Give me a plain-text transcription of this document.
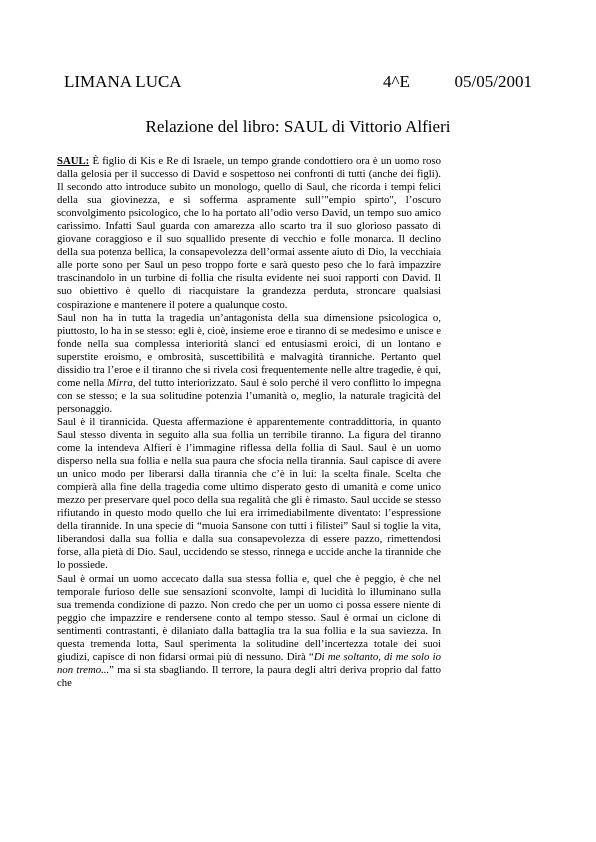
LIMANA LUCA	4^E	05/05/2001
Relazione del libro: SAUL di Vittorio Alfieri

SAUL: È figlio di Kis e Re di Israele, un tempo grande condottiero ora è un uomo roso dalla gelosia per il successo di David e sospettoso nei confronti di tutti (anche dei figli). Il secondo atto introduce subito un monologo, quello di Saul, che ricorda i tempi felici della sua giovinezza, e si sofferma aspramente sull’"empio spirto", l’oscuro sconvolgimento psicologico, che lo ha portato all’odio verso David, un tempo suo amico carissimo. Infatti Saul guarda con amarezza allo scarto tra il suo glorioso passato di giovane coraggioso e il suo squallido presente di vecchio e folle monarca. Il declino della sua potenza bellica, la consapevolezza dell’ormai assente aiuto di Dio, la vecchiaia alle porte sono per Saul un peso troppo forte e sarà questo peso che lo farà impazzire trascinandolo in un turbine di follia che risulta evidente nei suoi rapporti con David. Il suo obiettivo è quello di riacquistare la grandezza perduta, stroncare qualsiasi cospirazione e mantenere il potere a qualunque costo.

Saul non ha in tutta la tragedia un’antagonista della sua dimensione psicologica o, piuttosto, lo ha in se stesso: egli è, cioè, insieme eroe e tiranno di se medesimo e unisce e fonde nella sua complessa interiorità slanci ed entusiasmi eroici, di un lontano e superstite eroismo, e ombrosità, suscettibilità e malvagità tiranniche. Pertanto quel dissidio tra l’eroe e il tiranno che si rivela così frequentemente nelle altre tragedie, è qui, come nella Mirra, del tutto interiorizzato. Saul è solo perché il vero conflitto lo impegna con se stesso; e la sua solitudine potenzia l’umanità o, meglio, la naturale tragicità del personaggio.

Saul è il tirannicida. Questa affermazione è apparentemente contraddittoria, in quanto Saul stesso diventa in seguito alla sua follia un terribile tiranno. La figura del tiranno come la intendeva Alfieri è l’immagine riflessa della follia di Saul. Saul è un uomo disperso nella sua follia e nella sua paura che sfocia nella tirannia. Saul capisce di avere un unico modo per liberarsi dalla tirannia che c’è in lui: la scelta finale. Scelta che compierà alla fine della tragedia come ultimo disperato gesto di umanità e come unico mezzo per preservare quel poco della sua regalità che gli è rimasto. Saul uccide se stesso rifiutando in questo modo quello che lui era irrimediabilmente diventato: l’espressione della tirannide. In una specie di “muoia Sansone con tutti i filistei” Saul si toglie la vita, liberandosi dalla sua follia e dalla sua consapevolezza di essere pazzo, rimettendosi forse, alla pietà di Dio. Saul, uccidendo se stesso, rinnega e uccide anche la tirannide che lo possiede.

Saul è ormai un uomo accecato dalla sua stessa follia e, quel che è peggio, è che nel temporale furioso delle sue sensazioni sconvolte, lampi di lucidità lo illuminano sulla sua tremenda condizione di pazzo. Non credo che per un uomo ci possa essere niente di peggio che impazzire e rendersene conto al tempo stesso. Saul è ormai un ciclone di sentimenti contrastanti, è dilaniato dalla battaglia tra la sua follia e la sua saviezza. In questa tremenda lotta, Saul sperimenta la solitudine dell’incertezza totale dei suoi giudizi, capisce di non fidarsi ormai più di nessuno. Dirà “Di me soltanto, di me solo io non tremo...” ma si sta sbagliando. Il terrore, la paura degli altri deriva proprio dal fatto che
